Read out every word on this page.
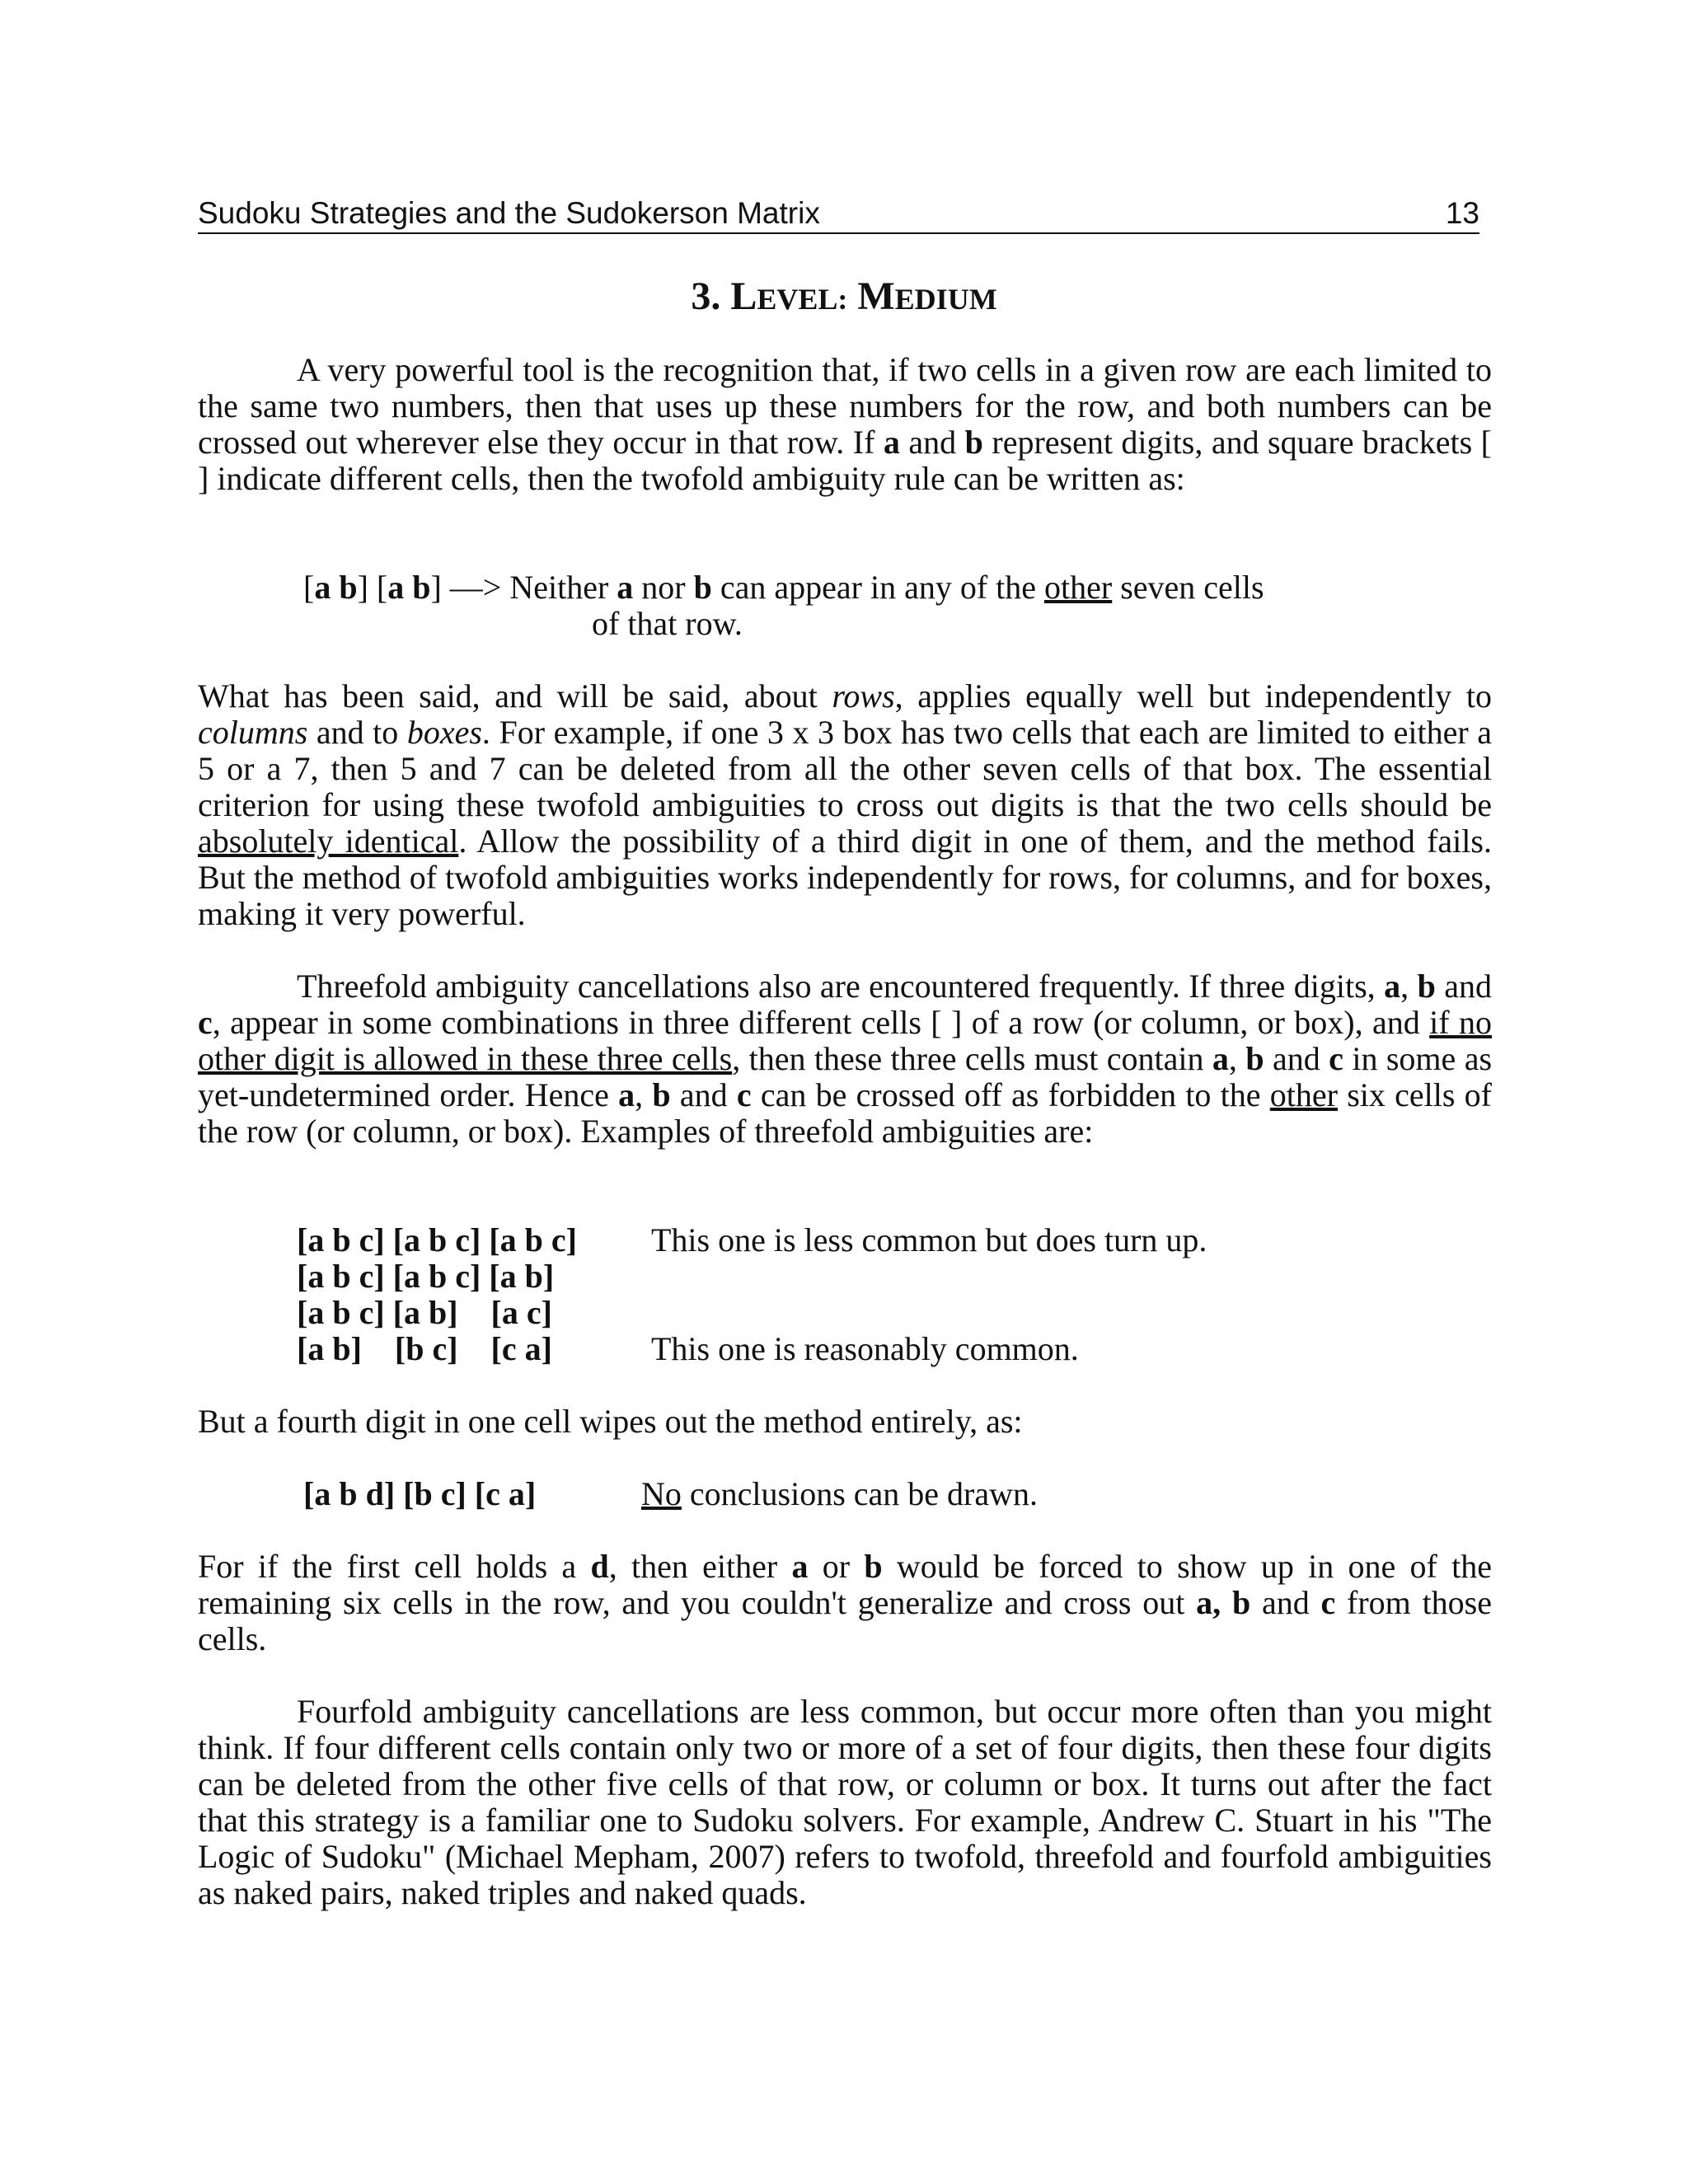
Sudoku Strategies and the Sudokerson Matrix	13
3. LEVEL: MEDIUM
A very powerful tool is the recognition that, if two cells in a given row are each limited to the same two numbers, then that uses up these numbers for the row, and both numbers can be crossed out wherever else they occur in that row. If a and b represent digits, and square brackets [ ] indicate different cells, then the twofold ambiguity rule can be written as:
[a b] [a b] —> Neither a nor b can appear in any of the other seven cells
of that row.
What has been said, and will be said, about rows, applies equally well but independently to columns and to boxes. For example, if one 3 x 3 box has two cells that each are limited to either a 5 or a 7, then 5 and 7 can be deleted from all the other seven cells of that box. The essential criterion for using these twofold ambiguities to cross out digits is that the two cells should be absolutely identical. Allow the possibility of a third digit in one of them, and the method fails. But the method of twofold ambiguities works independently for rows, for columns, and for boxes, making it very powerful.
Threefold ambiguity cancellations also are encountered frequently. If three digits, a, b and c, appear in some combinations in three different cells [ ] of a row (or column, or box), and if no other digit is allowed in these three cells, then these three cells must contain a, b and c in some as yet-undetermined order. Hence a, b and c can be crossed off as forbidden to the other six cells of the row (or column, or box). Examples of threefold ambiguities are:
[a b c] [a b c] [a b c]	This one is less common but does turn up.
[a b c] [a b c] [a b]
[a b c] [a b]    [a c]
[a b]    [b c]    [c a]	This one is reasonably common.
But a fourth digit in one cell wipes out the method entirely, as:
[a b d] [b c] [c a]	No conclusions can be drawn.
For if the first cell holds a d, then either a or b would be forced to show up in one of the remaining six cells in the row, and you couldn't generalize and cross out a, b and c from those cells.
Fourfold ambiguity cancellations are less common, but occur more often than you might think. If four different cells contain only two or more of a set of four digits, then these four digits can be deleted from the other five cells of that row, or column or box. It turns out after the fact that this strategy is a familiar one to Sudoku solvers. For example, Andrew C. Stuart in his "The Logic of Sudoku" (Michael Mepham, 2007) refers to twofold, threefold and fourfold ambiguities as naked pairs, naked triples and naked quads.
